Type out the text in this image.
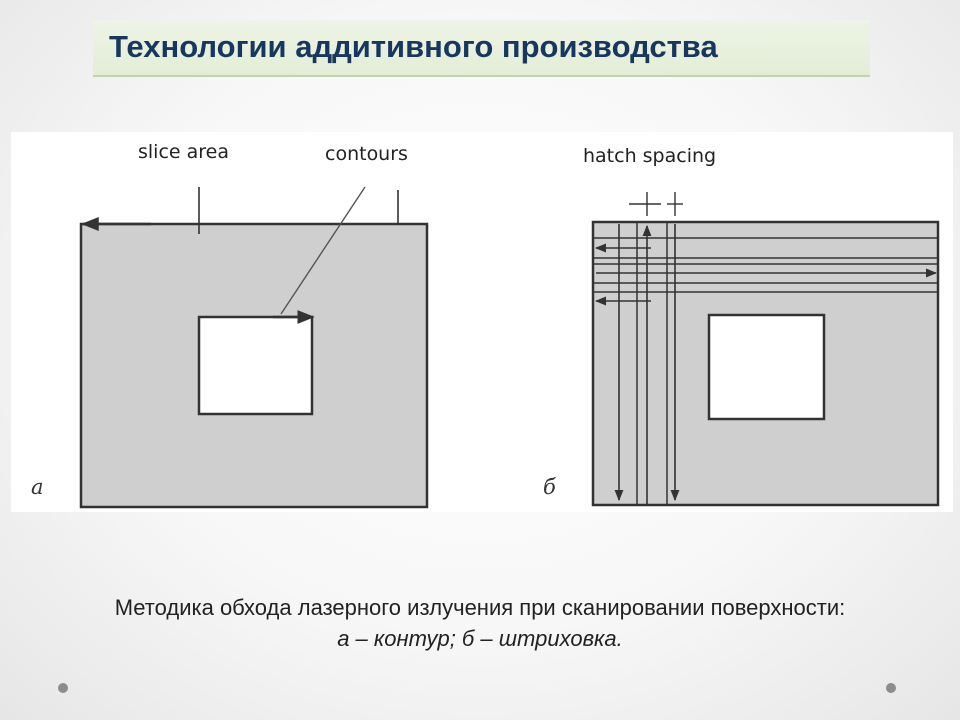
Технологии аддитивного производства
slice area	contours
а
hatch spacing
б
Методика обхода лазерного излучения при сканировании поверхности:
а – контур; б – штриховка.
